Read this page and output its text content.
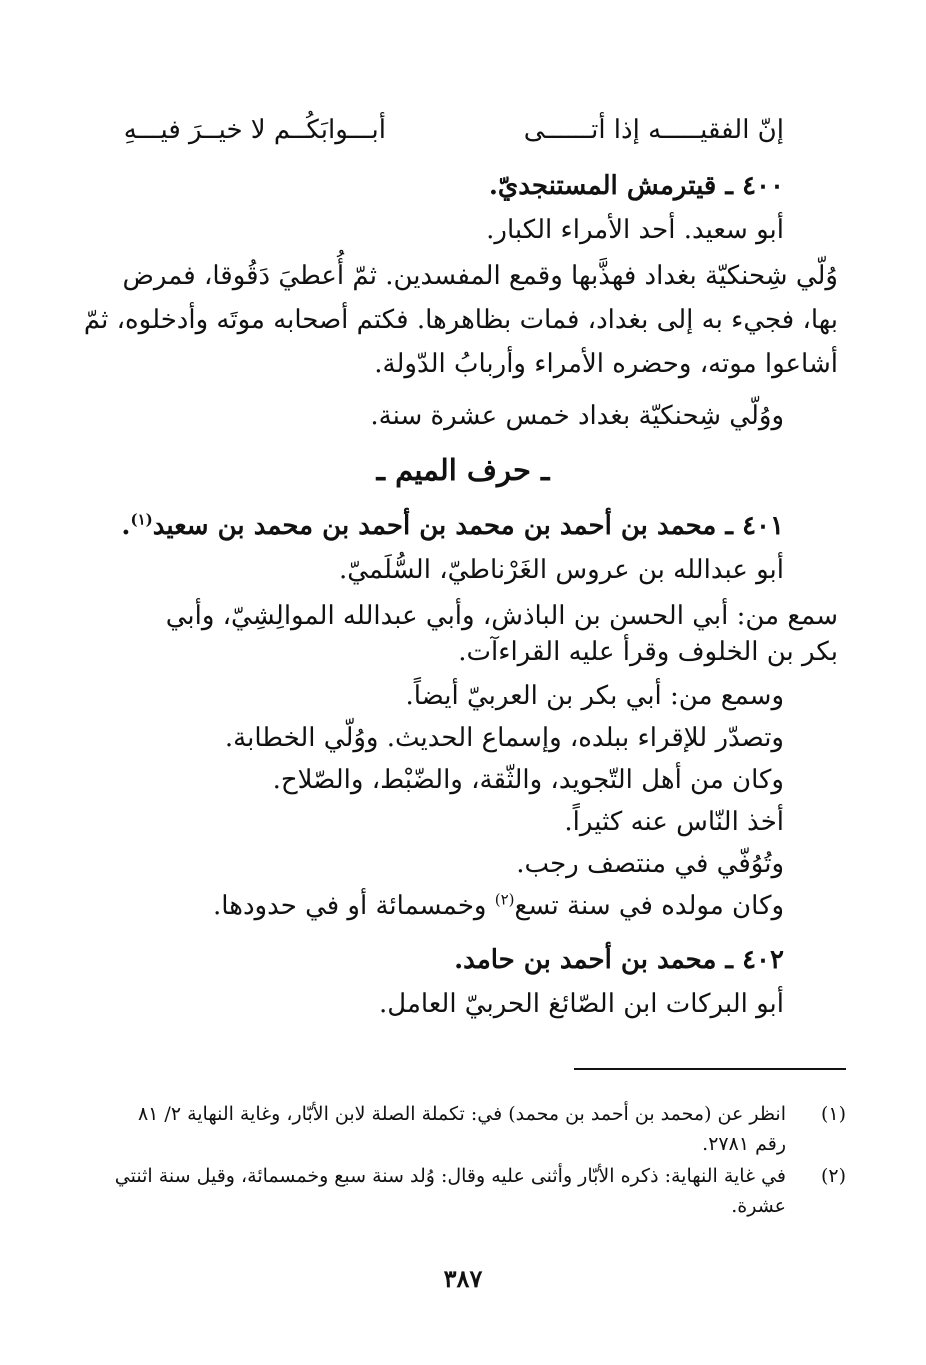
إنّ الفقيـــــه إذا أتــــــى
أبـــوابَكُــم لا خيــرَ فيـــهِ
٤٠٠ ـ قيترمش المستنجديّ.
أبو سعيد. أحد الأمراء الكبار.
وُلّي شِحنكيّة بغداد فهذَّبها وقمع المفسدين. ثمّ أُعطيَ دَقُوقا، فمرض
بها، فجيء به إلى بغداد، فمات بظاهرها. فكتم أصحابه موتَه وأدخلوه، ثمّ
أشاعوا موته، وحضره الأمراء وأربابُ الدّولة.
ووُلّي شِحنكيّة بغداد خمس عشرة سنة.
ـ حرف الميم ـ
٤٠١ ـ محمد بن أحمد بن محمد بن أحمد بن محمد بن سعيد$^{(١)}$.
أبو عبدالله بن عروس الغَرْناطيّ، السُّلَميّ.
سمع من: أبي الحسن بن الباذش، وأبي عبدالله الموالِشِيّ، وأبي
بكر بن الخلوف وقرأ عليه القراءآت.
وسمع من: أبي بكر بن العربيّ أيضاً.
وتصدّر للإقراء ببلده، وإسماع الحديث. ووُلّي الخطابة.
وكان من أهل التّجويد، والثّقة، والضّبْط، والصّلاح.
أخذ النّاس عنه كثيراً.
وتُوُفّي في منتصف رجب.
وكان مولده في سنة تسع$^{(٢)}$ وخمسمائة أو في حدودها.
٤٠٢ ـ محمد بن أحمد بن حامد.
أبو البركات ابن الصّائغ الحربيّ العامل.
(١)
انظر عن (محمد بن أحمد بن محمد) في: تكملة الصلة لابن الأبّار، وغاية النهاية ٢/ ٨١
رقم ٢٧٨١.
(٢)
في غاية النهاية: ذكره الأبّار وأثنى عليه وقال: وُلد سنة سبع وخمسمائة، وقيل سنة اثنتي
عشرة.
٣٨٧
